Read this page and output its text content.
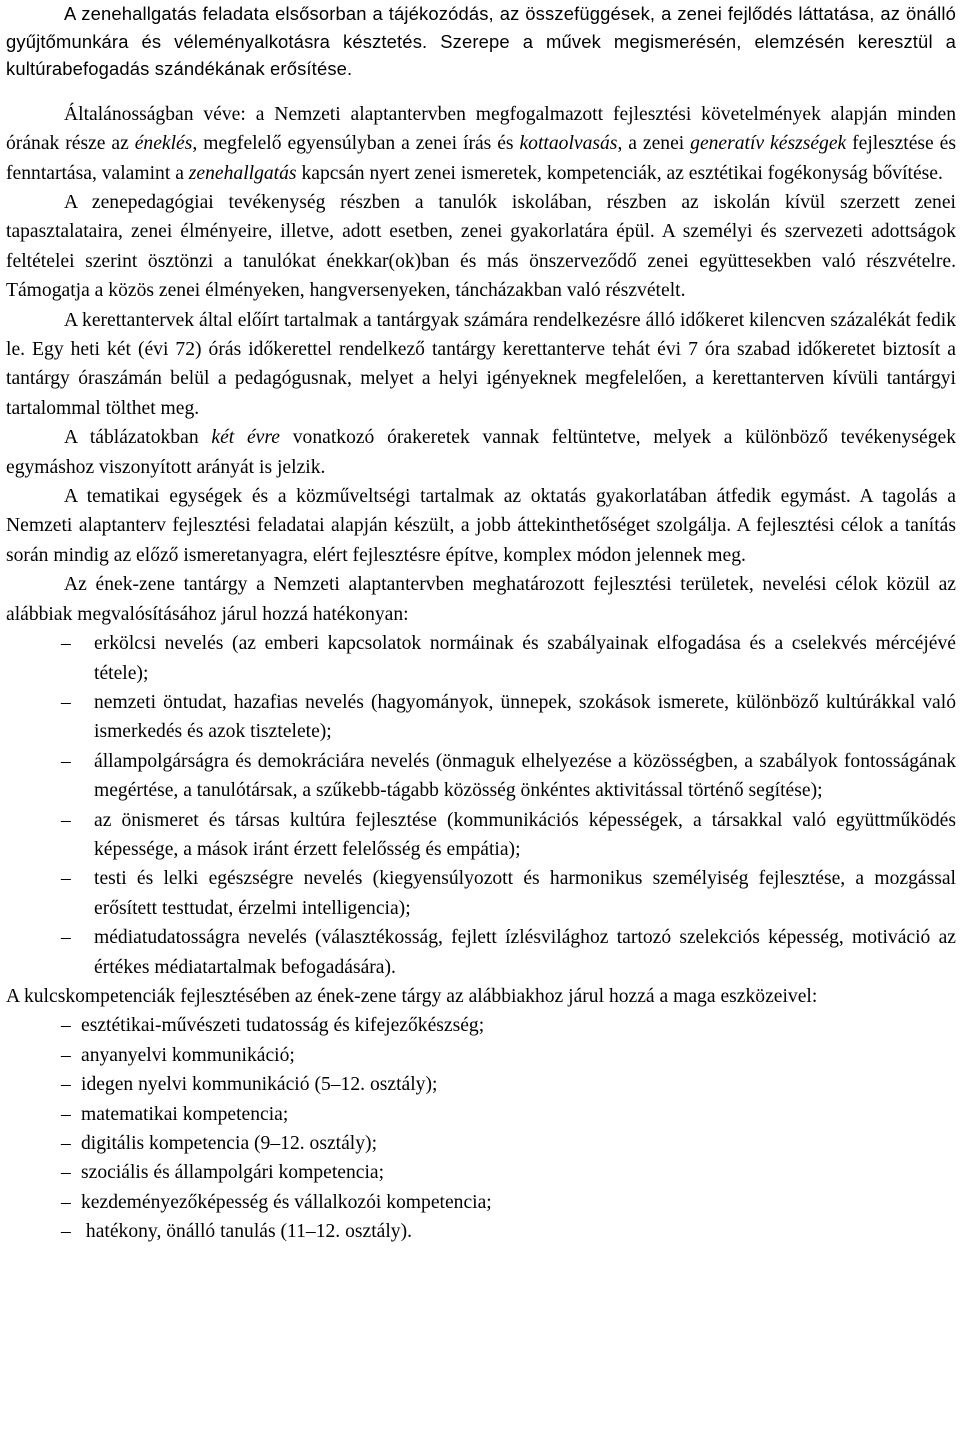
A zenehallgatás feladata elsősorban a tájékozódás, az összefüggések, a zenei fejlődés láttatása, az önálló gyűjtőmunkára és véleményalkotásra késztetés. Szerepe a művek megismerésén, elemzésén keresztül a kultúrabefogadás szándékának erősítése.

Általánosságban véve: a Nemzeti alaptantervben megfogalmazott fejlesztési követelmények alapján minden órának része az éneklés, megfelelő egyensúlyban a zenei írás és kottaolvasás, a zenei generatív készségek fejlesztése és fenntartása, valamint a zenehallgatás kapcsán nyert zenei ismeretek, kompetenciák, az esztétikai fogékonyság bővítése.

A zenepedagógiai tevékenység részben a tanulók iskolában, részben az iskolán kívül szerzett zenei tapasztalataira, zenei élményeire, illetve, adott esetben, zenei gyakorlatára épül. A személyi és szervezeti adottságok feltételei szerint ösztönzi a tanulókat énekkar(ok)ban és más önszerveződő zenei együttesekben való részvételre. Támogatja a közös zenei élményeken, hangversenyeken, táncházakban való részvételt.

A kerettantervek által előírt tartalmak a tantárgyak számára rendelkezésre álló időkeret kilencven százalékát fedik le. Egy heti két (évi 72) órás időkerettel rendelkező tantárgy kerettanterve tehát évi 7 óra szabad időkeretet biztosít a tantárgy óraszámán belül a pedagógusnak, melyet a helyi igényeknek megfelelően, a kerettanterven kívüli tantárgyi tartalommal tölthet meg.

A táblázatokban két évre vonatkozó órakeretek vannak feltüntetve, melyek a különböző tevékenységek egymáshoz viszonyított arányát is jelzik.

A tematikai egységek és a közműveltségi tartalmak az oktatás gyakorlatában átfedik egymást. A tagolás a Nemzeti alaptanterv fejlesztési feladatai alapján készült, a jobb áttekinthetőséget szolgálja. A fejlesztési célok a tanítás során mindig az előző ismeretanyagra, elért fejlesztésre építve, komplex módon jelennek meg.

Az ének-zene tantárgy a Nemzeti alaptantervben meghatározott fejlesztési területek, nevelési célok közül az alábbiak megvalósításához járul hozzá hatékonyan:

– erkölcsi nevelés (az emberi kapcsolatok normáinak és szabályainak elfogadása és a cselekvés mércéjévé tétele);
– nemzeti öntudat, hazafias nevelés (hagyományok, ünnepek, szokások ismerete, különböző kultúrákkal való ismerkedés és azok tisztelete);
– állampolgárságra és demokráciára nevelés (önmaguk elhelyezése a közösségben, a szabályok fontosságának megértése, a tanulótársak, a szűkebb-tágabb közösség önkéntes aktivitással történő segítése);
– az önismeret és társas kultúra fejlesztése (kommunikációs képességek, a társakkal való együttműködés képessége, a mások iránt érzett felelősség és empátia);
– testi és lelki egészségre nevelés (kiegyensúlyozott és harmonikus személyiség fejlesztése, a mozgással erősített testtudat, érzelmi intelligencia);
– médiatudatosságra nevelés (választékosság, fejlett ízlésvilághoz tartozó szelekciós képesség, motiváció az értékes médiatartalmak befogadására).

A kulcskompetenciák fejlesztésében az ének-zene tárgy az alábbiakhoz járul hozzá a maga eszközeivel:

– esztétikai-művészeti tudatosság és kifejezőkészség;
– anyanyelvi kommunikáció;
– idegen nyelvi kommunikáció (5–12. osztály);
– matematikai kompetencia;
– digitális kompetencia (9–12. osztály);
– szociális és állampolgári kompetencia;
– kezdeményezőképesség és vállalkozói kompetencia;
– hatékony, önálló tanulás (11–12. osztály).
